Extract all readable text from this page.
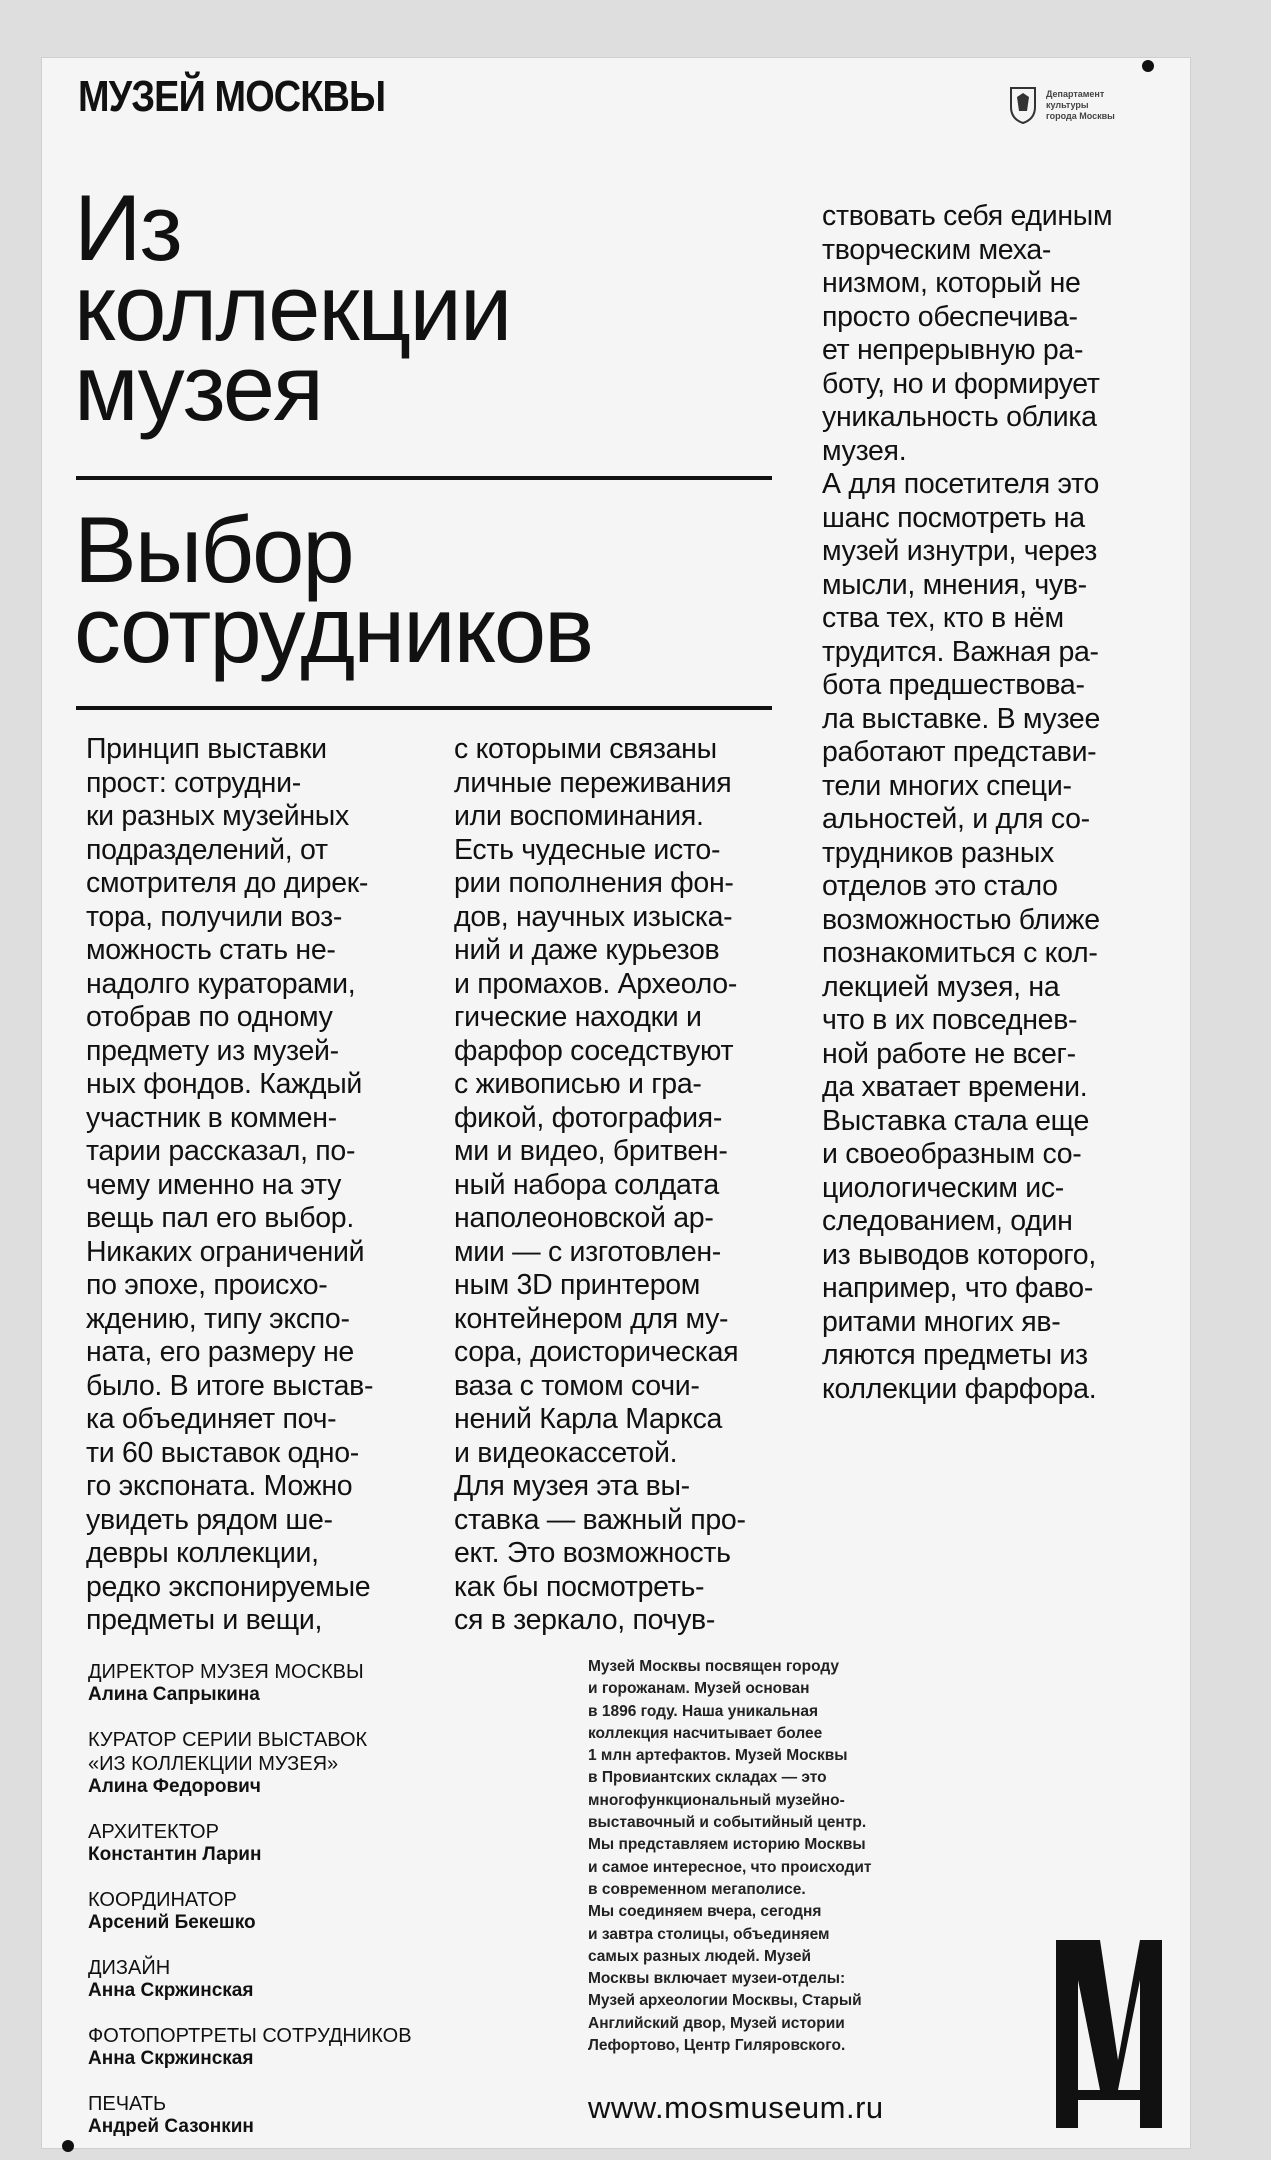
МУЗЕЙ МОСКВЫ	Департамент
культуры
города Москвы
Из
коллекции
музея
Выбор
сотрудников
Принцип выставки
прост: сотрудни-
ки разных музейных
подразделений, от
смотрителя до дирек-
тора, получили воз-
можность стать не-
надолго кураторами,
отобрав по одному
предмету из музей-
ных фондов. Каждый
участник в коммен-
тарии рассказал, по-
чему именно на эту
вещь пал его выбор.
Никаких ограничений
по эпохе, происхо-
ждению, типу экспо-
ната, его размеру не
было. В итоге выстав-
ка объединяет поч-
ти 60 выставок одно-
го экспоната. Можно
увидеть рядом ше-
девры коллекции,
редко экспонируемые
предметы и вещи,
с которыми связаны
личные переживания
или воспоминания.
Есть чудесные исто-
рии пополнения фон-
дов, научных изыска-
ний и даже курьезов
и промахов. Археоло-
гические находки и
фарфор соседствуют
с живописью и гра-
фикой, фотография-
ми и видео, бритвен-
ный набора солдата
наполеоновской ар-
мии — с изготовлен-
ным 3D принтером
контейнером для му-
сора, доисторическая
ваза с томом сочи-
нений Карла Маркса
и видеокассетой.
Для музея эта вы-
ставка — важный про-
ект. Это возможность
как бы посмотреть-
ся в зеркало, почув-
ствовать себя единым
творческим меха-
низмом, который не
просто обеспечива-
ет непрерывную ра-
боту, но и формирует
уникальность облика
музея.
А для посетителя это
шанс посмотреть на
музей изнутри, через
мысли, мнения, чув-
ства тех, кто в нём
трудится. Важная ра-
бота предшествова-
ла выставке. В музее
работают представи-
тели многих специ-
альностей, и для со-
трудников разных
отделов это стало
возможностью ближе
познакомиться с кол-
лекцией музея, на
что в их повседнев-
ной работе не всег-
да хватает времени.
Выставка стала еще
и своеобразным со-
циологическим ис-
следованием, один
из выводов которого,
например, что фаво-
ритами многих яв-
ляются предметы из
коллекции фарфора.
ДИРЕКТОР МУЗЕЯ МОСКВЫ
Алина Сапрыкина
КУРАТОР СЕРИИ ВЫСТАВОК
«ИЗ КОЛЛЕКЦИИ МУЗЕЯ»
Алина Федорович
АРХИТЕКТОР
Константин Ларин
КООРДИНАТОР
Арсений Бекешко
ДИЗАЙН
Анна Скржинская
ФОТОПОРТРЕТЫ СОТРУДНИКОВ
Анна Скржинская
ПЕЧАТЬ
Андрей Сазонкин
Музей Москвы посвящен городу
и горожанам. Музей основан
в 1896 году. Наша уникальная
коллекция насчитывает более
1 млн артефактов. Музей Москвы
в Провиантских складах — это
многофункциональный музейно-
выставочный и событийный центр.
Мы представляем историю Москвы
и самое интересное, что происходит
в современном мегаполисе.
Мы соединяем вчера, сегодня
и завтра столицы, объединяем
самых разных людей. Музей
Москвы включает музеи-отделы:
Музей археологии Москвы, Старый
Английский двор, Музей истории
Лефортово, Центр Гиляровского.
www.mosmuseum.ru
